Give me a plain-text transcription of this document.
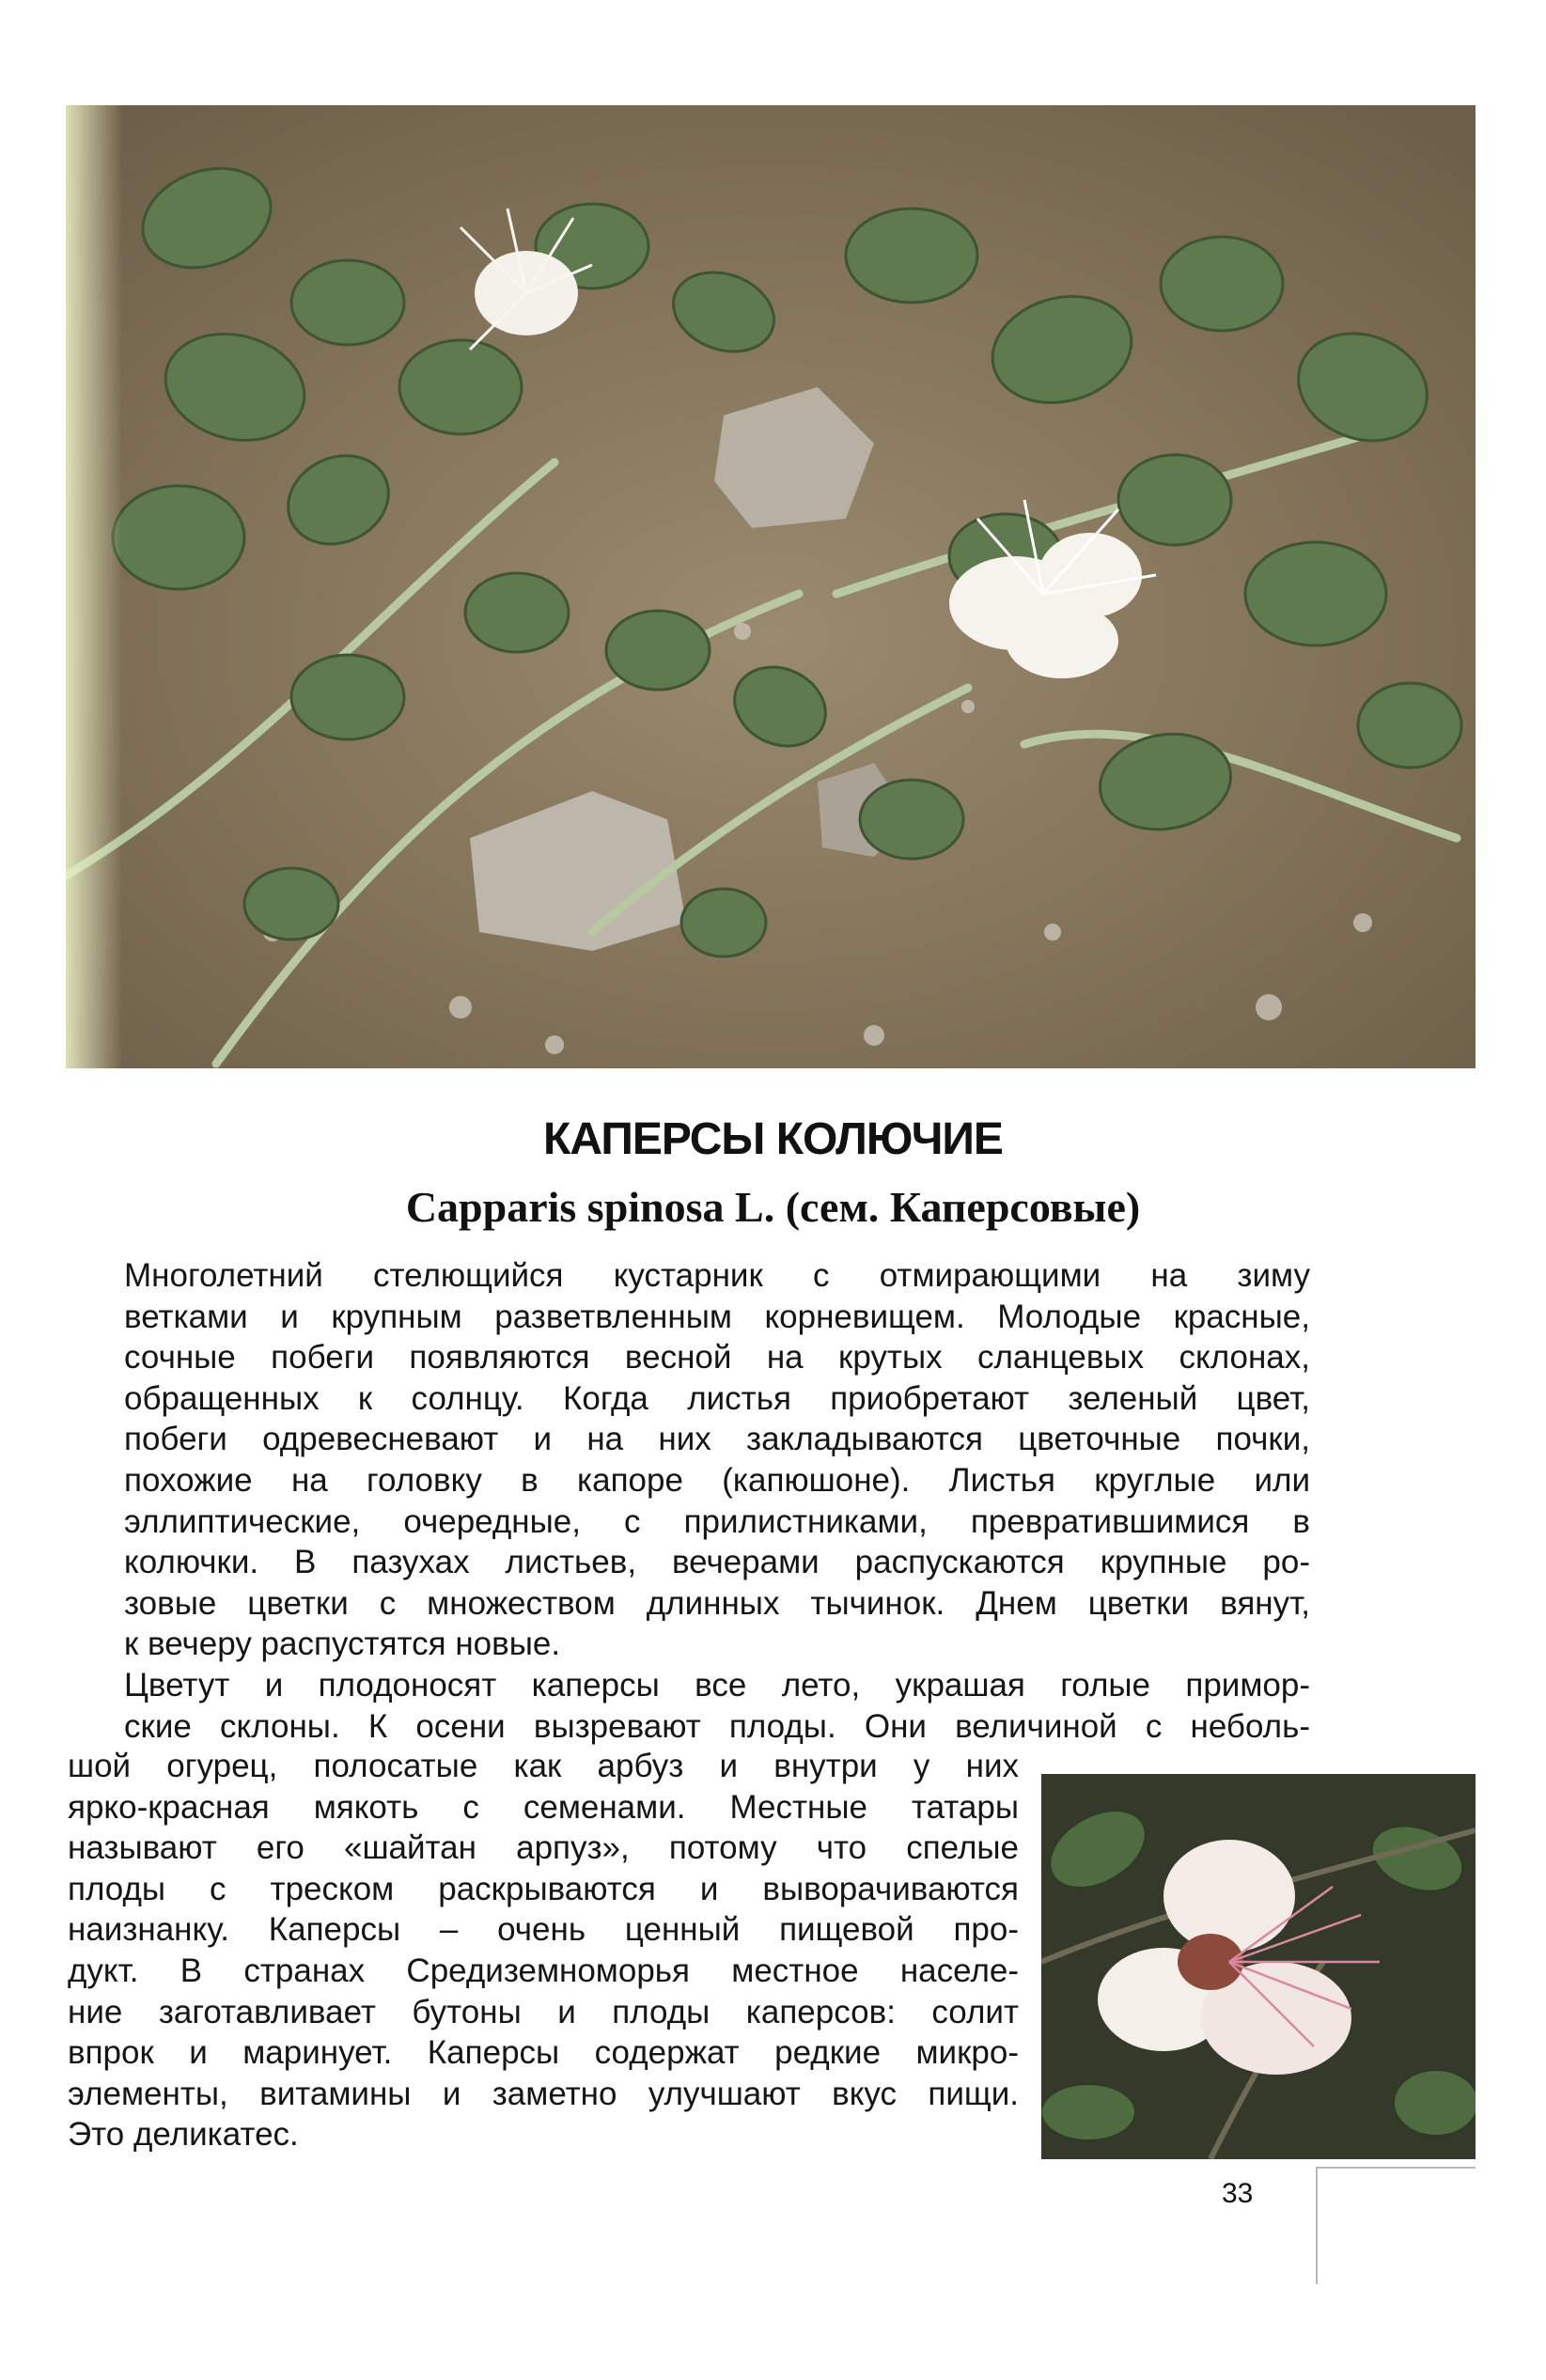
КАПЕРСЫ КОЛЮЧИЕ
Capparis spinosa L. (сем. Каперсовые)
Многолетний стелющийся кустарник с отмирающими на зиму
ветками и крупным разветвленным корневищем. Молодые красные,
сочные побеги появляются весной на крутых сланцевых склонах,
обращенных к солнцу. Когда листья приобретают зеленый цвет,
побеги одревесневают и на них закладываются цветочные почки,
похожие на головку в капоре (капюшоне). Листья круглые или
эллиптические, очередные, с прилистниками, превратившимися в
колючки. В пазухах листьев, вечерами распускаются крупные ро-
зовые цветки с множеством длинных тычинок. Днем цветки вянут,
к вечеру распустятся новые.
Цветут и плодоносят каперсы все лето, украшая голые примор-
ские склоны. К осени вызревают плоды. Они величиной с неболь-
шой огурец, полосатые как арбуз и внутри у них
ярко-красная мякоть с семенами. Местные татары
называют его «шайтан арпуз», потому что спелые
плоды с треском раскрываются и выворачиваются
наизнанку. Каперсы – очень ценный пищевой про-
дукт. В странах Средиземноморья местное населе-
ние заготавливает бутоны и плоды каперсов: солит
впрок и маринует. Каперсы содержат редкие микро-
элементы, витамины и заметно улучшают вкус пищи.
Это деликатес.
33
